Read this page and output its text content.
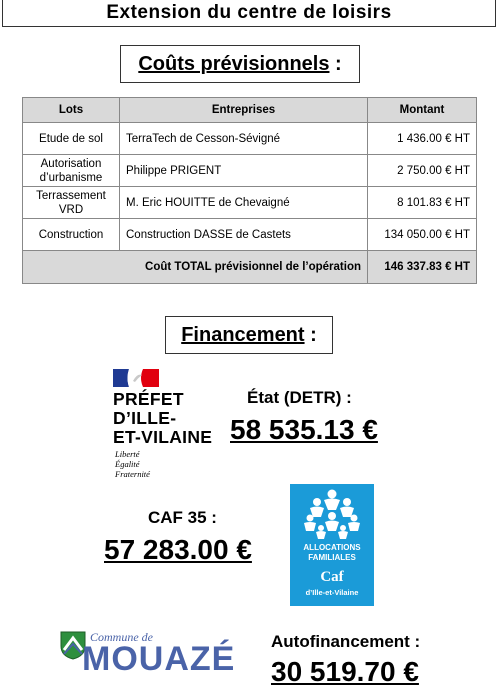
Extension du centre de loisirs
Coûts prévisionnels :
Lots	Entreprises	Montant
Etude de sol	TerraTech de Cesson-Sévigné	1 436.00 € HT
Autorisation d’urbanisme	Philippe PRIGENT	2 750.00 € HT
Terrassement VRD	M. Eric HOUITTE de Chevaigné	8 101.83 € HT
Construction	Construction DASSE de Castets	134 050.00 € HT
Coût TOTAL prévisionnel de l’opération		146 337.83 € HT
Financement :
PRÉFET
D’ILLE-
ET-VILAINE
Liberté
Égalité
Fraternité
État (DETR) :
58 535.13 €
CAF 35 :
57 283.00 €	ALLOCATIONS
FAMILIALES
Caf
d’Ille-et-Vilaine
Commune de
MOUAZÉ Autofinancement :
30 519.70 €
